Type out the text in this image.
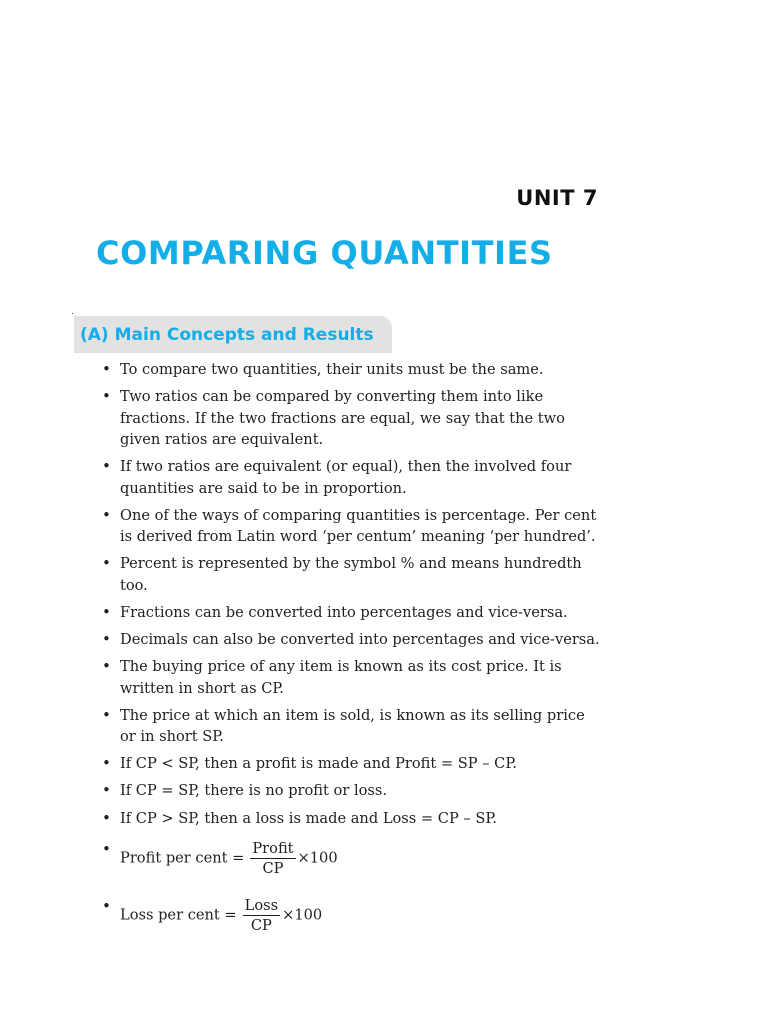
UNIT 7
COMPARING QUANTITIES
(A) Main Concepts and Results
• To compare two quantities, their units must be the same.
• Two ratios can be compared by converting them into like fractions. If the two fractions are equal, we say that the two given ratios are equivalent.
• If two ratios are equivalent (or equal), then the involved four quantities are said to be in proportion.
• One of the ways of comparing quantities is percentage. Per cent is derived from Latin word ‘per centum’ meaning ‘per hundred’.
• Percent is represented by the symbol % and means hundredth too.
• Fractions can be converted into percentages and vice-versa.
• Decimals can also be converted into percentages and vice-versa.
• The buying price of any item is known as its cost price. It is written in short as CP.
• The price at which an item is sold, is known as its selling price or in short SP.
• If CP < SP, then a profit is made and Profit = SP – CP.
• If CP = SP, there is no profit or loss.
• If CP > SP, then a loss is made and Loss = CP – SP.
• Profit per cent = $\frac{\text{Profit}}{CP} \times 100$
• Loss per cent = $\frac{\text{Loss}}{CP} \times 100$
